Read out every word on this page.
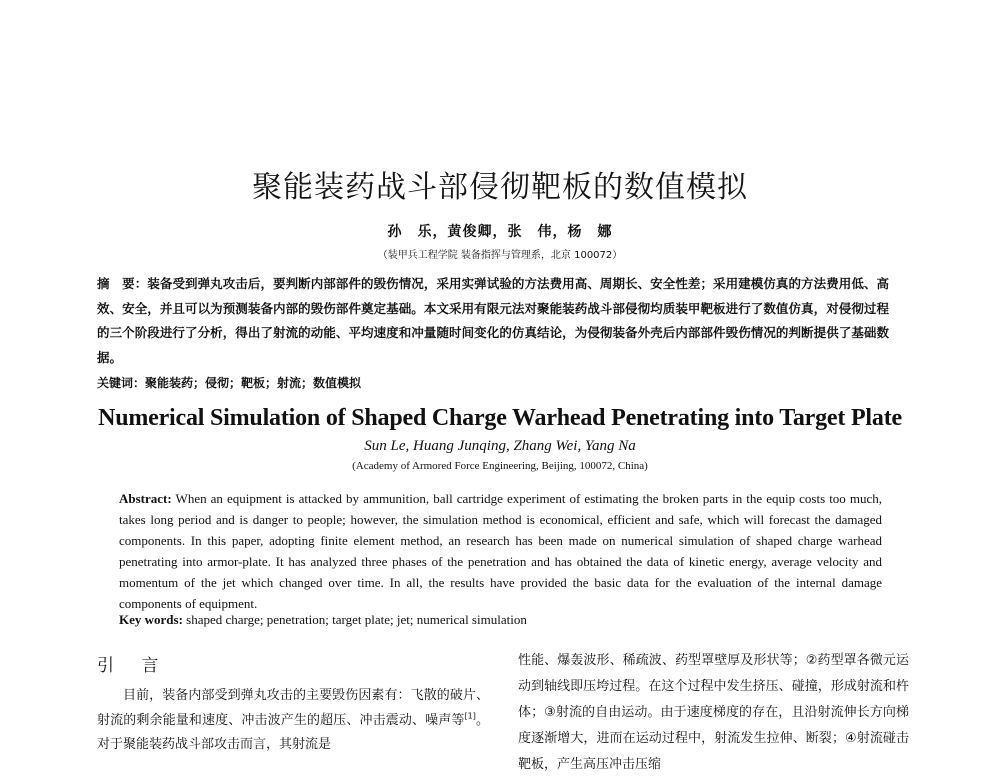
聚能装药战斗部侵彻靶板的数值模拟
孙　乐，黄俊卿，张　伟，杨　娜
（装甲兵工程学院 装备指挥与管理系，北京 100072）
摘　要：装备受到弹丸攻击后，要判断内部部件的毁伤情况，采用实弹试验的方法费用高、周期长、安全性差；采用建模仿真的方法费用低、高效、安全，并且可以为预测装备内部的毁伤部件奠定基础。本文采用有限元法对聚能装药战斗部侵彻均质装甲靶板进行了数值仿真，对侵彻过程的三个阶段进行了分析，得出了射流的动能、平均速度和冲量随时间变化的仿真结论，为侵彻装备外壳后内部部件毁伤情况的判断提供了基础数据。
关键词：聚能装药；侵彻；靶板；射流；数值模拟
Numerical Simulation of Shaped Charge Warhead Penetrating into Target Plate
Sun Le, Huang Junqing, Zhang Wei, Yang Na
(Academy of Armored Force Engineering, Beijing, 100072, China)
Abstract: When an equipment is attacked by ammunition, ball cartridge experiment of estimating the broken parts in the equip costs too much, takes long period and is danger to people; however, the simulation method is economical, efficient and safe, which will forecast the damaged components. In this paper, adopting finite element method, an research has been made on numerical simulation of shaped charge warhead penetrating into armor-plate. It has analyzed three phases of the penetration and has obtained the data of kinetic energy, average velocity and momentum of the jet which changed over time. In all, the results have provided the basic data for the evaluation of the internal damage components of equipment.
Key words: shaped charge; penetration; target plate; jet; numerical simulation
引 言
目前，装备内部受到弹丸攻击的主要毁伤因素有：飞散的破片、射流的剩余能量和速度、冲击波产生的超压、冲击震动、噪声等[1]。对于聚能装药战斗部攻击而言，其射流是
性能、爆轰波形、稀疏波、药型罩壁厚及形状等；②药型罩各微元运动到轴线即压垮过程。在这个过程中发生挤压、碰撞，形成射流和杵体；③射流的自由运动。由于速度梯度的存在，且沿射流伸长方向梯度逐渐增大，进而在运动过程中，射流发生拉伸、断裂；④射流碰击靶板，产生高压冲击压缩
